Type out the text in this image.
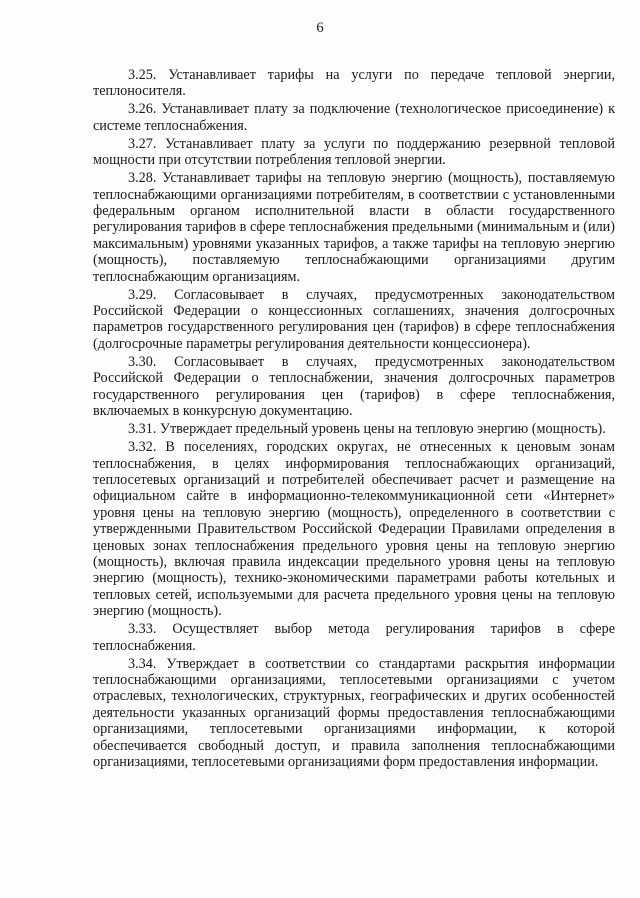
6

3.25. Устанавливает тарифы на услуги по передаче тепловой энергии, теплоносителя.

3.26. Устанавливает плату за подключение (технологическое присоединение) к системе теплоснабжения.

3.27. Устанавливает плату за услуги по поддержанию резервной тепловой мощности при отсутствии потребления тепловой энергии.

3.28. Устанавливает тарифы на тепловую энергию (мощность), поставляемую теплоснабжающими организациями потребителям, в соответствии с установленными федеральным органом исполнительной власти в области государственного регулирования тарифов в сфере теплоснабжения предельными (минимальным и (или) максимальным) уровнями указанных тарифов, а также тарифы на тепловую энергию (мощность), поставляемую теплоснабжающими организациями другим теплоснабжающим организациям.

3.29. Согласовывает в случаях, предусмотренных законодательством Российской Федерации о концессионных соглашениях, значения долгосрочных параметров государственного регулирования цен (тарифов) в сфере теплоснабжения (долгосрочные параметры регулирования деятельности концессионера).

3.30. Согласовывает в случаях, предусмотренных законодательством Российской Федерации о теплоснабжении, значения долгосрочных параметров государственного регулирования цен (тарифов) в сфере теплоснабжения, включаемых в конкурсную документацию.

3.31. Утверждает предельный уровень цены на тепловую энергию (мощность).

3.32. В поселениях, городских округах, не отнесенных к ценовым зонам теплоснабжения, в целях информирования теплоснабжающих организаций, теплосетевых организаций и потребителей обеспечивает расчет и размещение на официальном сайте в информационно-телекоммуникационной сети «Интернет» уровня цены на тепловую энергию (мощность), определенного в соответствии с утвержденными Правительством Российской Федерации Правилами определения в ценовых зонах теплоснабжения предельного уровня цены на тепловую энергию (мощность), включая правила индексации предельного уровня цены на тепловую энергию (мощность), технико-экономическими параметрами работы котельных и тепловых сетей, используемыми для расчета предельного уровня цены на тепловую энергию (мощность).

3.33. Осуществляет выбор метода регулирования тарифов в сфере теплоснабжения.

3.34. Утверждает в соответствии со стандартами раскрытия информации теплоснабжающими организациями, теплосетевыми организациями с учетом отраслевых, технологических, структурных, географических и других особенностей деятельности указанных организаций формы предоставления теплоснабжающими организациями, теплосетевыми организациями информации, к которой обеспечивается свободный доступ, и правила заполнения теплоснабжающими организациями, теплосетевыми организациями форм предоставления информации.
